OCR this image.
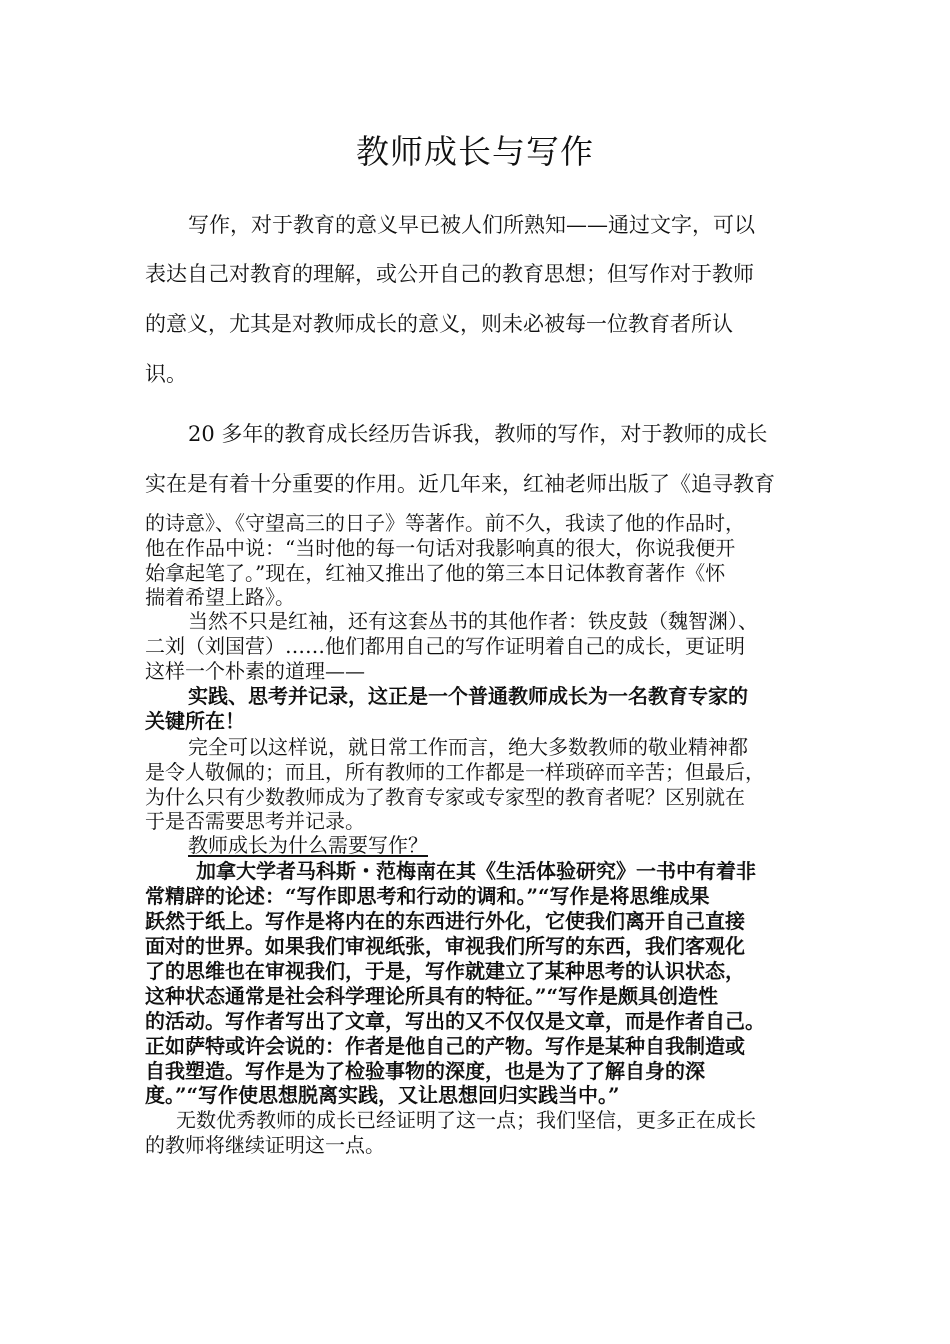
教师成长与写作

写作，对于教育的意义早已被人们所熟知——通过文字，可以

表达自己对教育的理解，或公开自己的教育思想；但写作对于教师

的意义，尤其是对教师成长的意义，则未必被每一位教育者所认

识。

20 多年的教育成长经历告诉我，教师的写作，对于教师的成长

实在是有着十分重要的作用。近几年来，红袖老师出版了《追寻教育

的诗意》、《守望高三的日子》等著作。前不久，我读了他的作品时，

他在作品中说：“当时他的每一句话对我影响真的很大，你说我便开

始拿起笔了。”现在，红袖又推出了他的第三本日记体教育著作《怀

揣着希望上路》。

当然不只是红袖，还有这套丛书的其他作者：铁皮鼓（魏智渊）、

二刘（刘国营）……他们都用自己的写作证明着自己的成长，更证明

这样一个朴素的道理——

实践、思考并记录，这正是一个普通教师成长为一名教育专家的

关键所在！

完全可以这样说，就日常工作而言，绝大多数教师的敬业精神都

是令人敬佩的；而且，所有教师的工作都是一样琐碎而辛苦；但最后，

为什么只有少数教师成为了教育专家或专家型的教育者呢？区别就在

于是否需要思考并记录。

教师成长为什么需要写作？

加拿大学者马科斯・范梅南在其《生活体验研究》一书中有着非

常精辟的论述：“写作即思考和行动的调和。”“写作是将思维成果

跃然于纸上。写作是将内在的东西进行外化，它使我们离开自己直接

面对的世界。如果我们审视纸张，审视我们所写的东西，我们客观化

了的思维也在审视我们，于是，写作就建立了某种思考的认识状态，

这种状态通常是社会科学理论所具有的特征。”“写作是颇具创造性

的活动。写作者写出了文章，写出的又不仅仅是文章，而是作者自己。

正如萨特或许会说的：作者是他自己的产物。写作是某种自我制造或

自我塑造。写作是为了检验事物的深度，也是为了了解自身的深

度。”“写作使思想脱离实践，又让思想回归实践当中。”

无数优秀教师的成长已经证明了这一点；我们坚信，更多正在成长

的教师将继续证明这一点。
